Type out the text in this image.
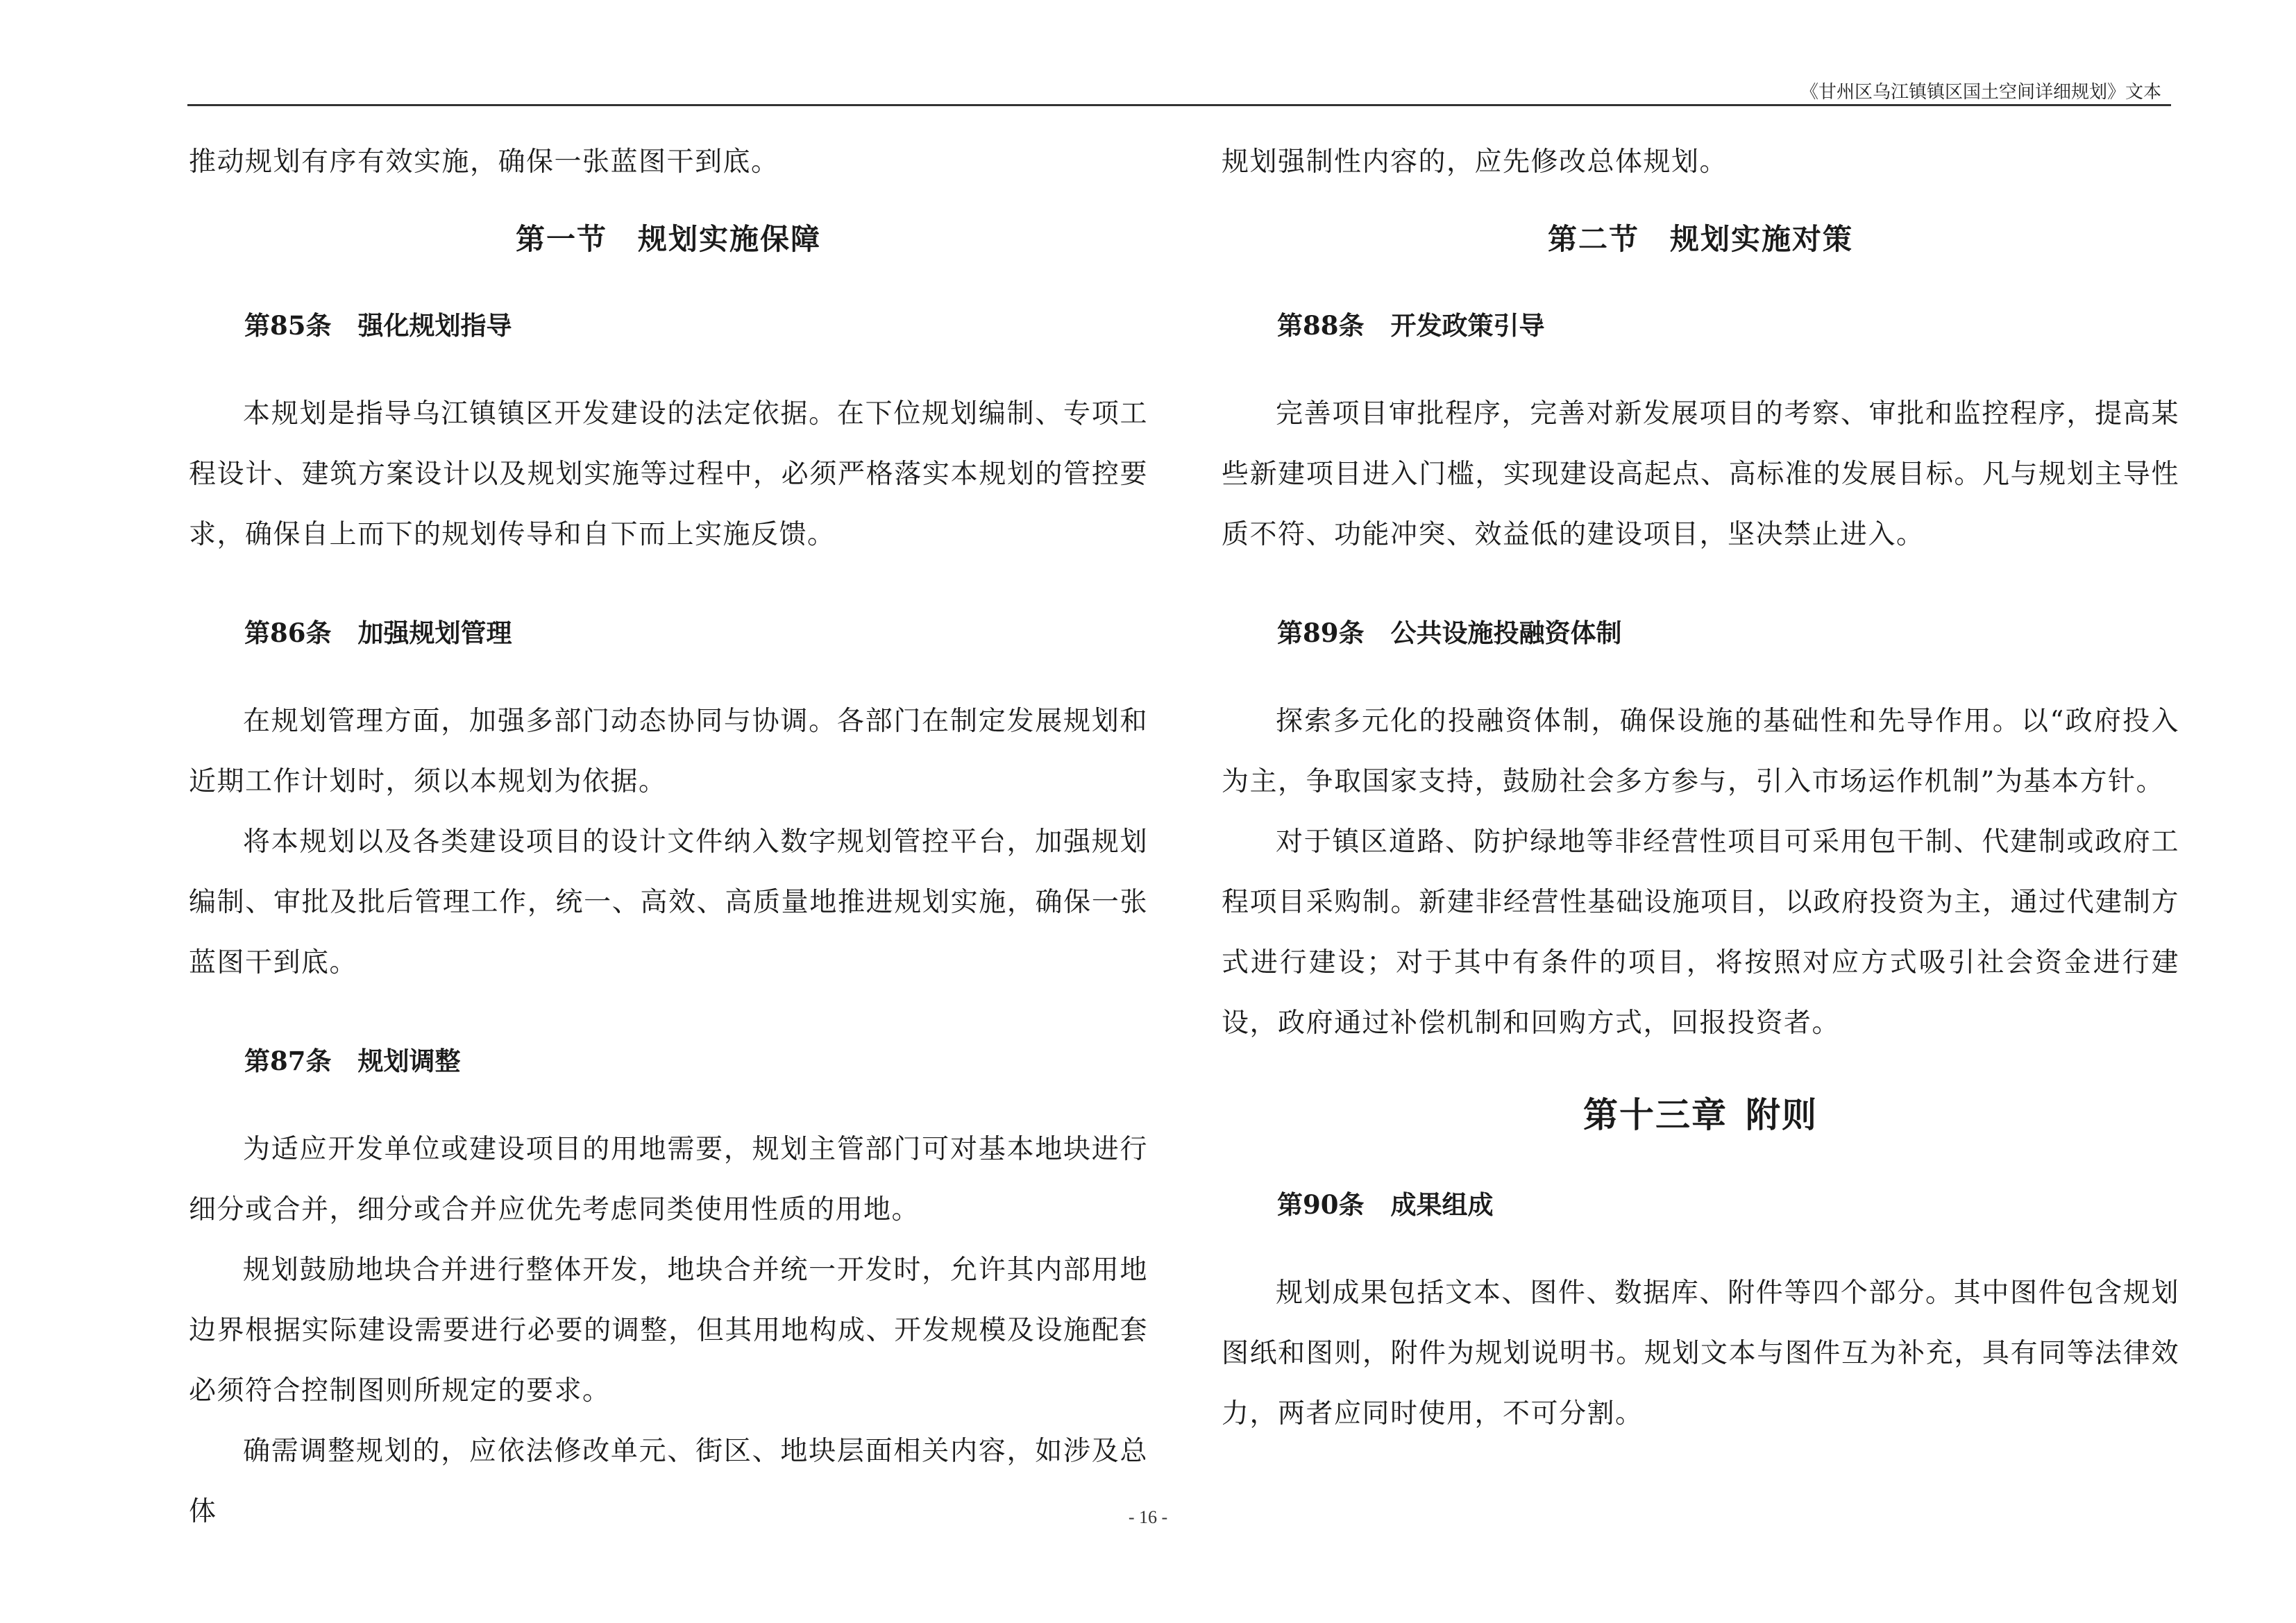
《甘州区乌江镇镇区国土空间详细规划》文本

推动规划有序有效实施，确保一张蓝图干到底。

第一节　规划实施保障
第85条 强化规划指导

本规划是指导乌江镇镇区开发建设的法定依据。在下位规划编制、专项工程设计、建筑方案设计以及规划实施等过程中，必须严格落实本规划的管控要求，确保自上而下的规划传导和自下而上实施反馈。

第86条 加强规划管理

在规划管理方面，加强多部门动态协同与协调。各部门在制定发展规划和近期工作计划时，须以本规划为依据。

将本规划以及各类建设项目的设计文件纳入数字规划管控平台，加强规划编制、审批及批后管理工作，统一、高效、高质量地推进规划实施，确保一张蓝图干到底。

第87条 规划调整

为适应开发单位或建设项目的用地需要，规划主管部门可对基本地块进行细分或合并，细分或合并应优先考虑同类使用性质的用地。

规划鼓励地块合并进行整体开发，地块合并统一开发时，允许其内部用地边界根据实际建设需要进行必要的调整，但其用地构成、开发规模及设施配套必须符合控制图则所规定的要求。

确需调整规划的，应依法修改单元、街区、地块层面相关内容，如涉及总体

规划强制性内容的，应先修改总体规划。

第二节　规划实施对策
第88条 开发政策引导

完善项目审批程序，完善对新发展项目的考察、审批和监控程序，提高某些新建项目进入门槛，实现建设高起点、高标准的发展目标。凡与规划主导性质不符、功能冲突、效益低的建设项目，坚决禁止进入。

第89条 公共设施投融资体制

探索多元化的投融资体制，确保设施的基础性和先导作用。以“政府投入为主，争取国家支持，鼓励社会多方参与，引入市场运作机制”为基本方针。

对于镇区道路、防护绿地等非经营性项目可采用包干制、代建制或政府工程项目采购制。新建非经营性基础设施项目，以政府投资为主，通过代建制方式进行建设；对于其中有条件的项目，将按照对应方式吸引社会资金进行建设，政府通过补偿机制和回购方式，回报投资者。

第十三章 附则
第90条 成果组成

规划成果包括文本、图件、数据库、附件等四个部分。其中图件包含规划图纸和图则，附件为规划说明书。规划文本与图件互为补充，具有同等法律效力，两者应同时使用，不可分割。

- 16 -
